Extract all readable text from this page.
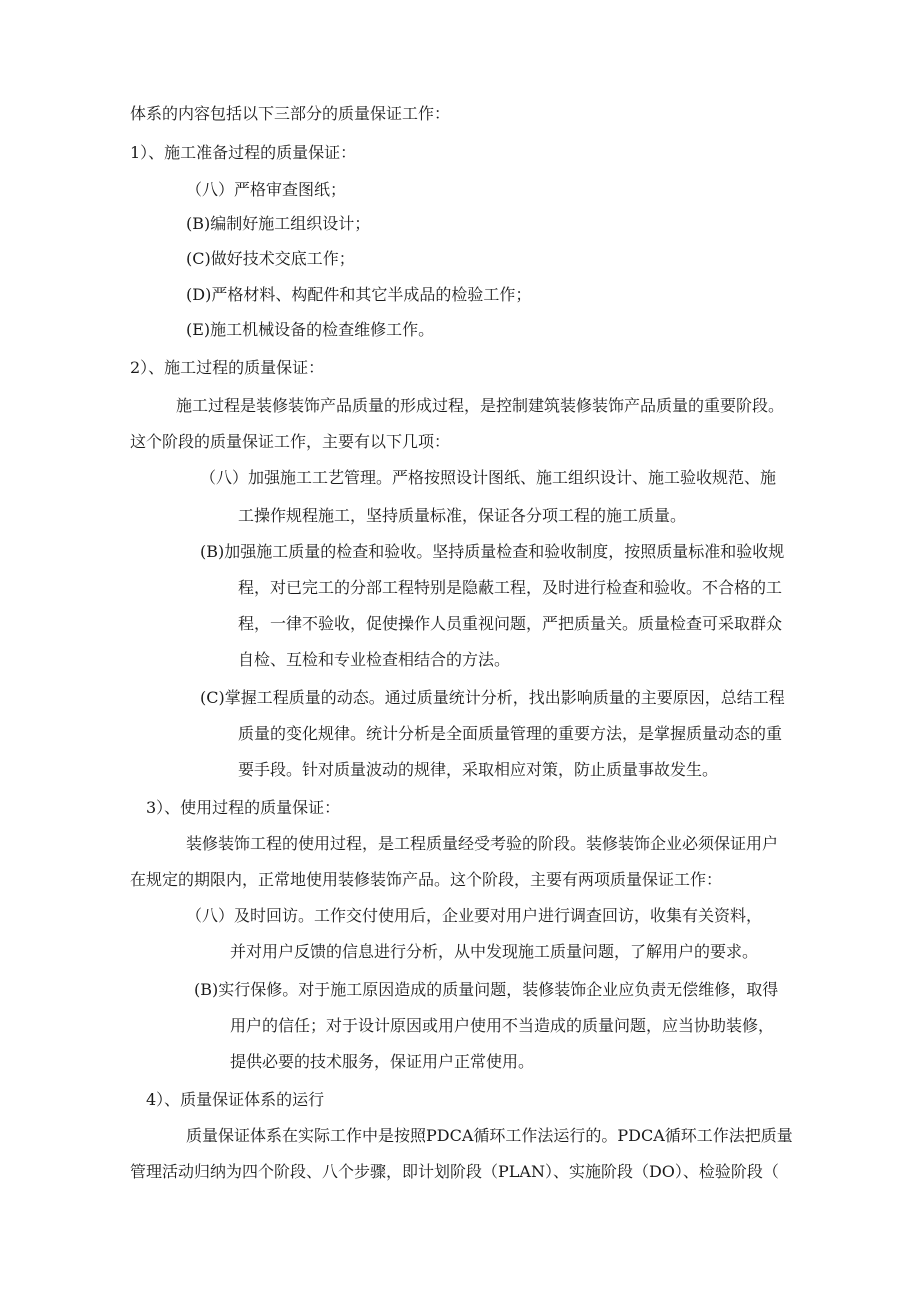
体系的内容包括以下三部分的质量保证工作：
1）、施工准备过程的质量保证：
（八）严格审查图纸；
(B)编制好施工组织设计；
(C)做好技术交底工作；
(D)严格材料、构配件和其它半成品的检验工作；
(E)施工机械设备的检查维修工作。
2）、施工过程的质量保证：
施工过程是装修装饰产品质量的形成过程，是控制建筑装修装饰产品质量的重要阶段。
这个阶段的质量保证工作，主要有以下几项：
（八）加强施工工艺管理。严格按照设计图纸、施工组织设计、施工验收规范、施
工操作规程施工，坚持质量标准，保证各分项工程的施工质量。
(B)加强施工质量的检查和验收。坚持质量检查和验收制度，按照质量标准和验收规
程，对已完工的分部工程特别是隐蔽工程，及时进行检查和验收。不合格的工
程，一律不验收，促使操作人员重视问题，严把质量关。质量检查可采取群众
自检、互检和专业检查相结合的方法。
(C)掌握工程质量的动态。通过质量统计分析，找出影响质量的主要原因，总结工程
质量的变化规律。统计分析是全面质量管理的重要方法，是掌握质量动态的重
要手段。针对质量波动的规律，采取相应对策，防止质量事故发生。
3）、使用过程的质量保证：
装修装饰工程的使用过程，是工程质量经受考验的阶段。装修装饰企业必须保证用户
在规定的期限内，正常地使用装修装饰产品。这个阶段，主要有两项质量保证工作：
（八）及时回访。工作交付使用后，企业要对用户进行调查回访，收集有关资料，
并对用户反馈的信息进行分析，从中发现施工质量问题，了解用户的要求。
(B)实行保修。对于施工原因造成的质量问题，装修装饰企业应负责无偿维修，取得
用户的信任；对于设计原因或用户使用不当造成的质量问题，应当协助装修，
提供必要的技术服务，保证用户正常使用。
4）、质量保证体系的运行
质量保证体系在实际工作中是按照PDCA循环工作法运行的。PDCA循环工作法把质量
管理活动归纳为四个阶段、八个步骤，即计划阶段（PLAN）、实施阶段（DO）、检验阶段（
